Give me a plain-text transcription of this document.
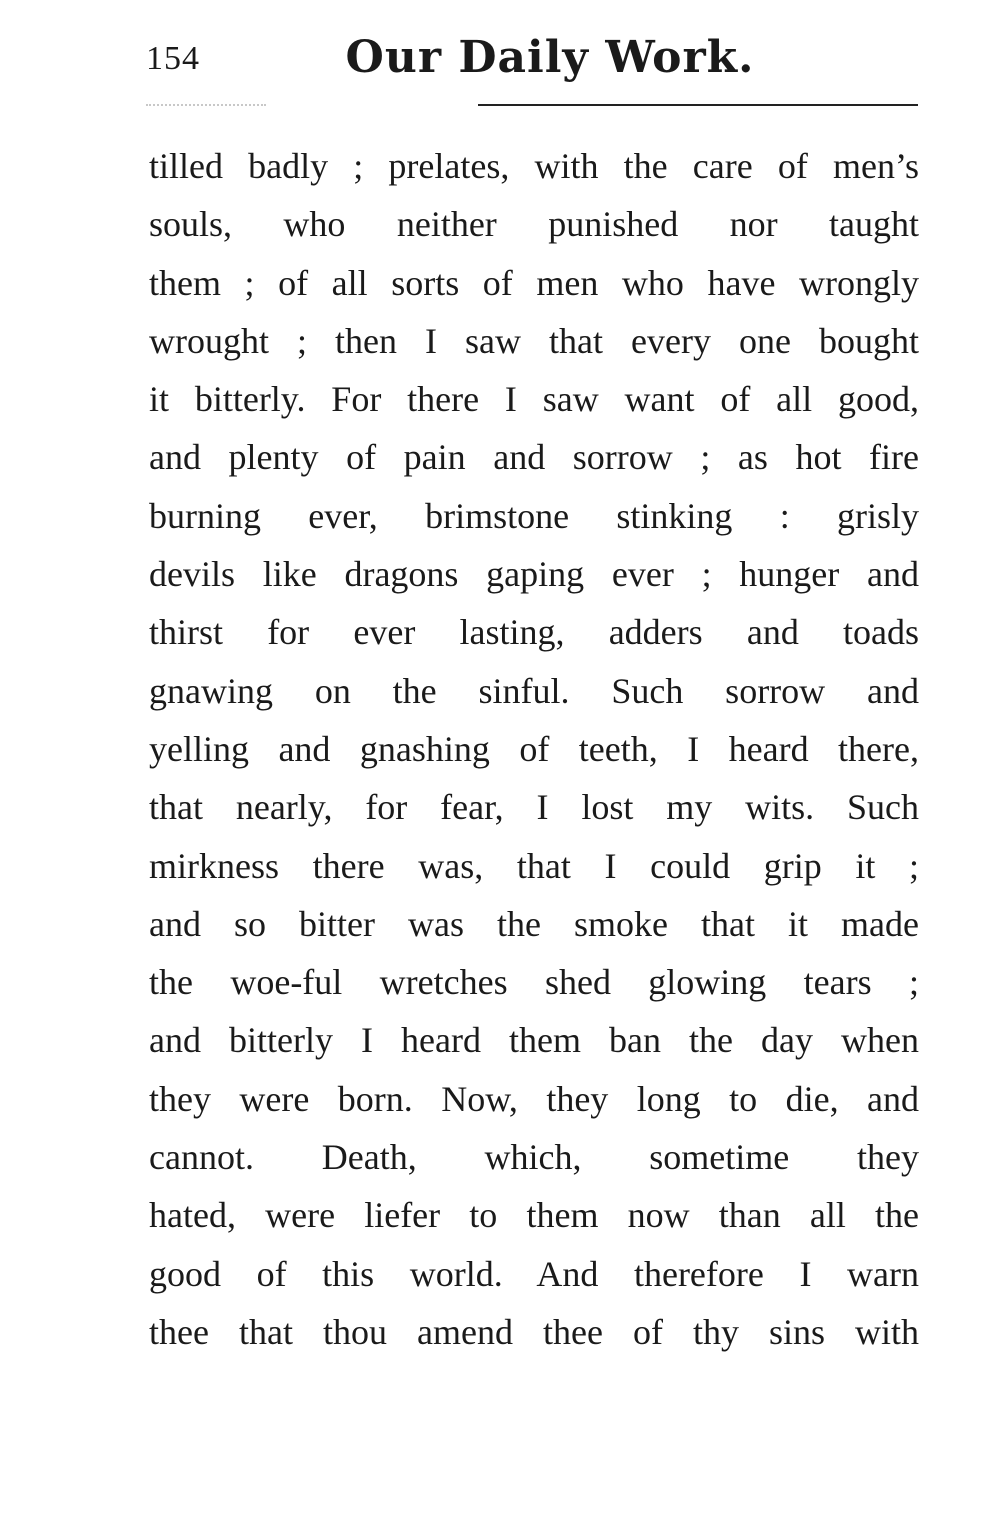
154	Our Daily Work.
tilled badly ; prelates, with the care of men’s
souls, who neither punished nor taught
them ; of all sorts of men who have wrongly
wrought ; then I saw that every one bought
it bitterly. For there I saw want of all good,
and plenty of pain and sorrow ; as hot fire
burning ever, brimstone stinking : grisly
devils like dragons gaping ever ; hunger and
thirst for ever lasting, adders and toads
gnawing on the sinful. Such sorrow and
yelling and gnashing of teeth, I heard there,
that nearly, for fear, I lost my wits. Such
mirkness there was, that I could grip it ;
and so bitter was the smoke that it made
the woe-ful wretches shed glowing tears ;
and bitterly I heard them ban the day when
they were born. Now, they long to die, and
cannot. Death, which, sometime they
hated, were liefer to them now than all the
good of this world. And therefore I warn
thee that thou amend thee of thy sins with
